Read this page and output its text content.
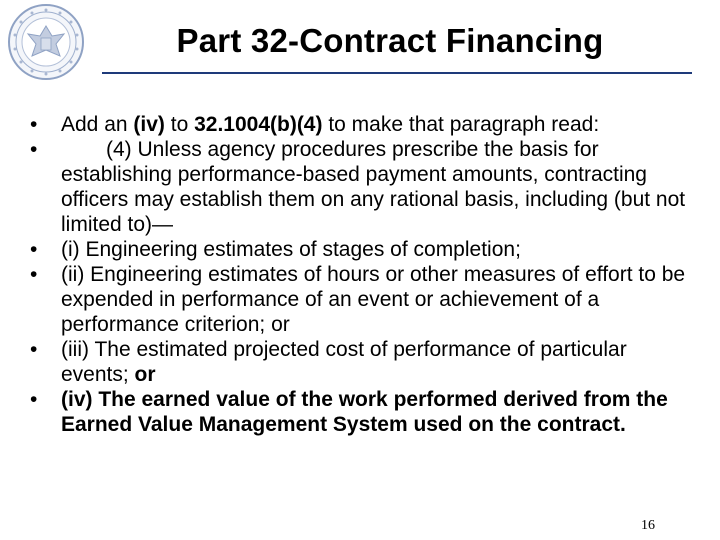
Part 32-Contract Financing
• Add an (iv) to 32.1004(b)(4) to make that paragraph read:
•	(4) Unless agency procedures prescribe the basis for establishing performance-based payment amounts, contracting officers may establish them on any rational basis, including (but not limited to)—
• (i) Engineering estimates of stages of completion;
• (ii) Engineering estimates of hours or other measures of effort to be expended in performance of an event or achievement of a performance criterion; or
• (iii) The estimated projected cost of performance of particular events; or
• (iv) The earned value of the work performed derived from the Earned Value Management System used on the contract.
16
